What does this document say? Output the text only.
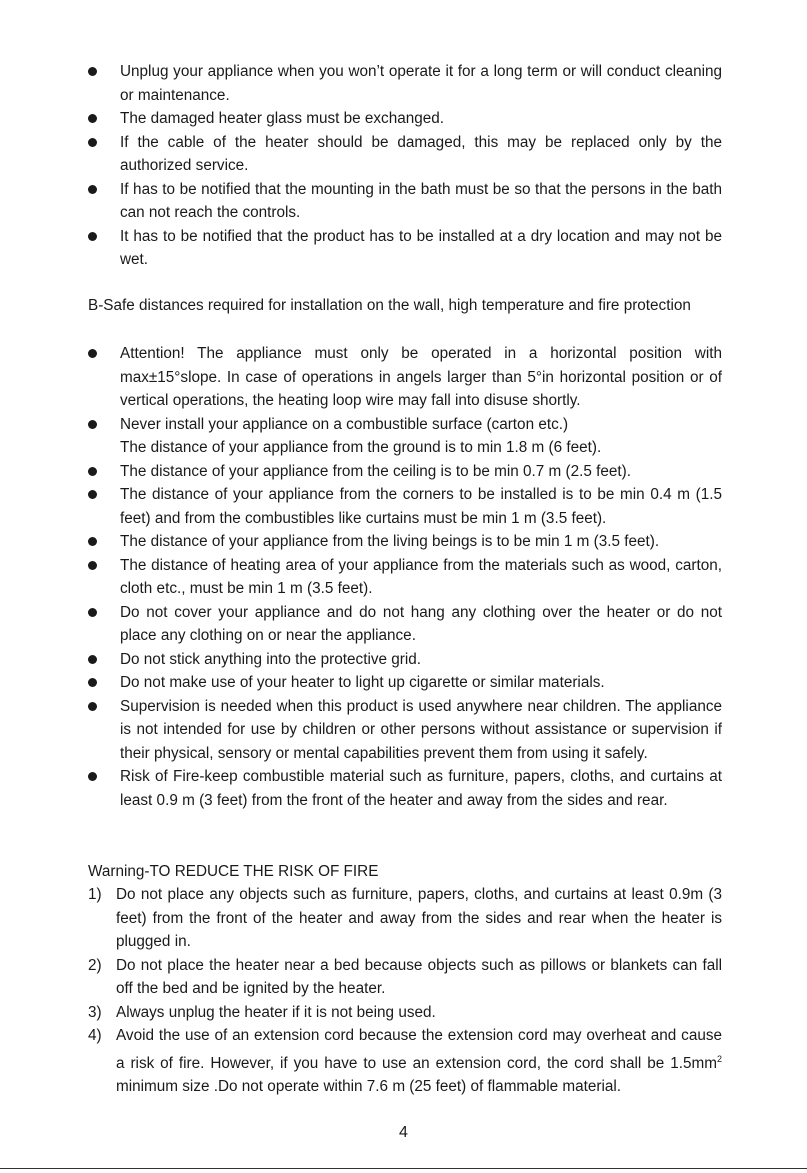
Unplug your appliance when you won’t operate it for a long term or will conduct cleaning or maintenance.
The damaged heater glass must be exchanged.
If the cable of the heater should be damaged, this may be replaced only by the authorized service.
If has to be notified that the mounting in the bath must be so that the persons in the bath can not reach the controls.
It has to be notified that the product has to be installed at a dry location and may not be wet.
B-Safe distances required for installation on the wall, high temperature and fire protection
Attention! The appliance must only be operated in a horizontal position with max±15°slope. In case of operations in angels larger than 5°in horizontal position or of vertical operations, the heating loop wire may fall into disuse shortly.
Never install your appliance on a combustible surface (carton etc.)
The distance of your appliance from the ground is to min 1.8 m (6 feet).
The distance of your appliance from the ceiling is to be min 0.7 m (2.5 feet).
The distance of your appliance from the corners to be installed is to be min 0.4 m (1.5 feet) and from the combustibles like curtains must be min 1 m (3.5 feet).
The distance of your appliance from the living beings is to be min 1 m (3.5 feet).
The distance of heating area of your appliance from the materials such as wood, carton, cloth etc., must be min 1 m (3.5 feet).
Do not cover your appliance and do not hang any clothing over the heater or do not place any clothing on or near the appliance.
Do not stick anything into the protective grid.
Do not make use of your heater to light up cigarette or similar materials.
Supervision is needed when this product is used anywhere near children. The appliance is not intended for use by children or other persons without assistance or supervision if their physical, sensory or mental capabilities prevent them from using it safely.
Risk of Fire-keep combustible material such as furniture, papers, cloths, and curtains at least 0.9 m (3 feet) from the front of the heater and away from the sides and rear.
Warning-TO REDUCE THE RISK OF FIRE
1) Do not place any objects such as furniture, papers, cloths, and curtains at least 0.9m (3 feet) from the front of the heater and away from the sides and rear when the heater is plugged in.
2) Do not place the heater near a bed because objects such as pillows or blankets can fall off the bed and be ignited by the heater.
3) Always unplug the heater if it is not being used.
4) Avoid the use of an extension cord because the extension cord may overheat and cause a risk of fire. However, if you have to use an extension cord, the cord shall be $1.5mm^2$  minimum size .Do not operate within 7.6 m (25 feet) of flammable material.
4
